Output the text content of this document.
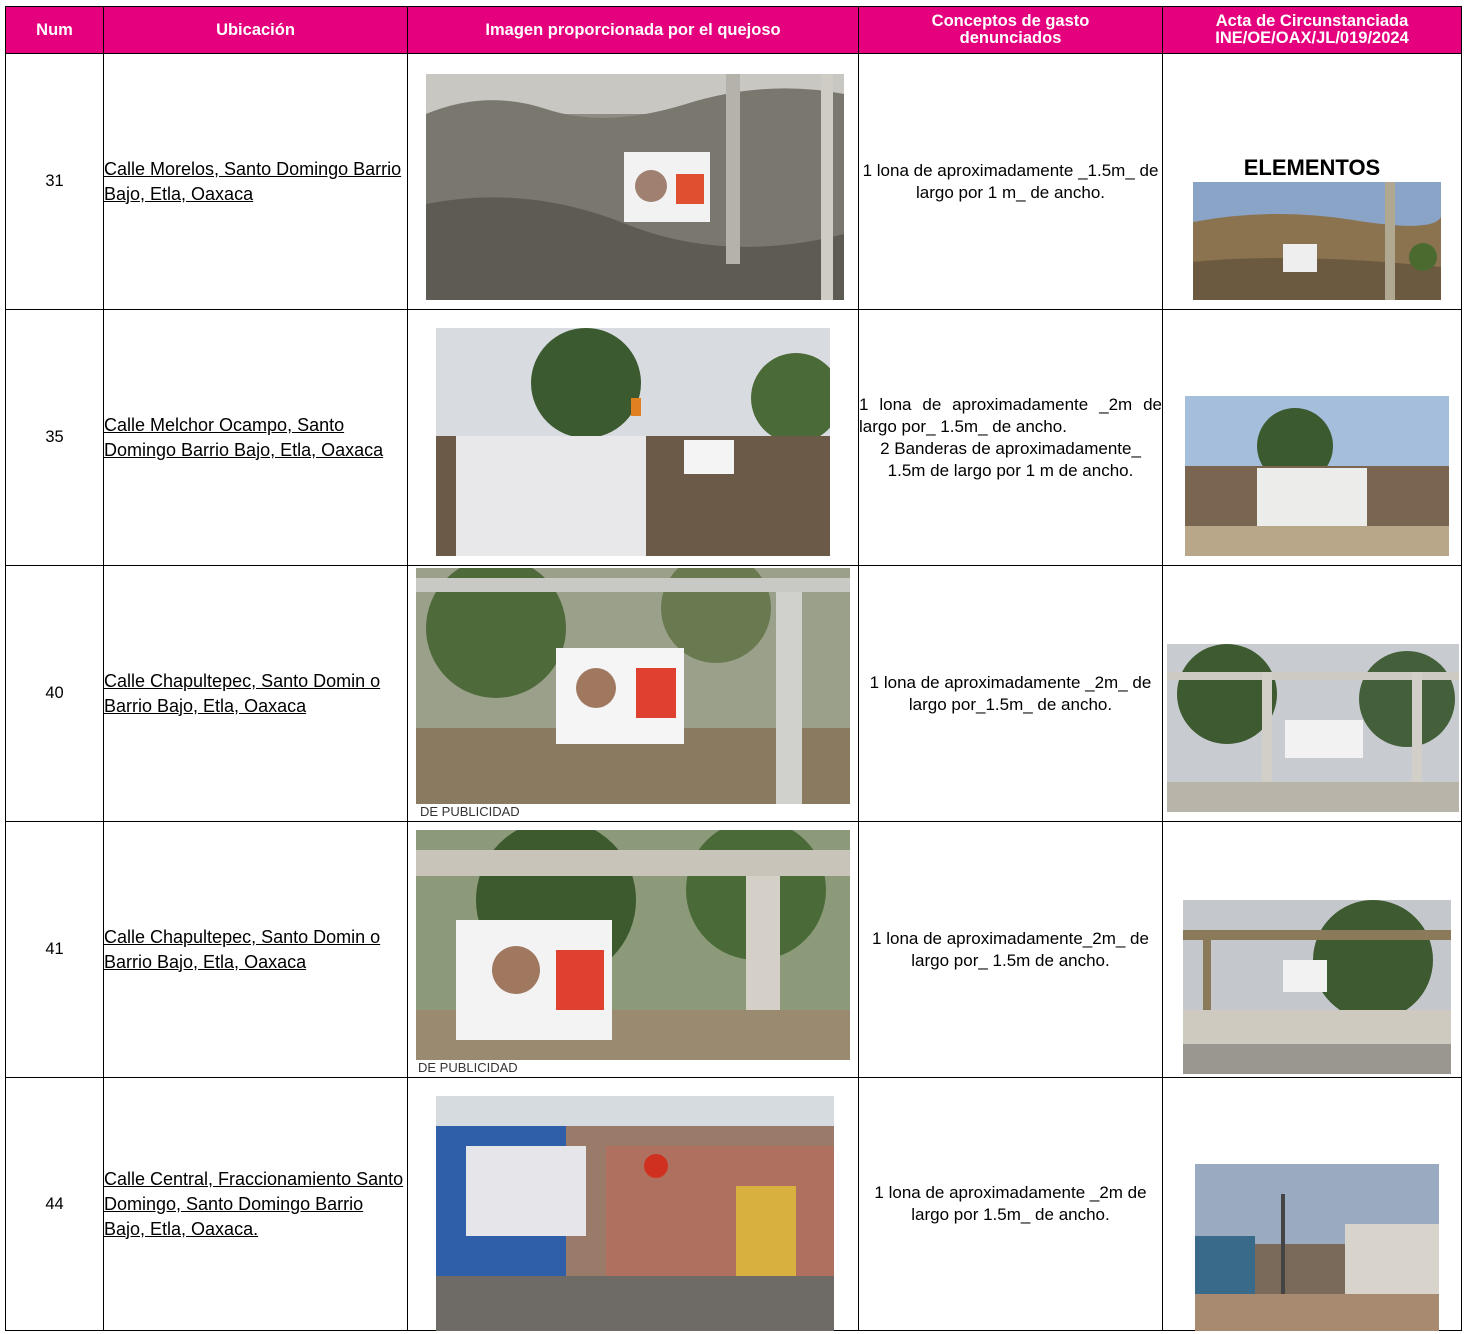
Num	Ubicación	Imagen proporcionada por el quejoso	Conceptos de gasto denunciados	Acta de Circunstanciada
INE/OE/OAX/JL/019/2024
31	Calle Morelos, Santo Domingo Barrio Bajo, Etla, Oaxaca		1 lona de aproximadamente _1.5m_ de largo por 1 m_ de ancho.	ELEMENTOS

35	Calle Melchor Ocampo, Santo Domingo Barrio Bajo, Etla, Oaxaca		1 lona de aproximadamente _2m de largo por_ 1.5m_ de ancho.
2 Banderas de aproximadamente_ 1.5m de largo por 1 m de ancho.

40	Calle Chapultepec, Santo Domin o Barrio Bajo, Etla, Oaxaca	DE PUBLICIDAD	1 lona de aproximadamente _2m_ de largo por_1.5m_ de ancho.

41	Calle Chapultepec, Santo Domin o Barrio Bajo, Etla, Oaxaca	DE PUBLICIDAD	1 lona de aproximadamente_2m_ de largo por_ 1.5m de ancho.

44	Calle Central, Fraccionamiento Santo Domingo, Santo Domingo Barrio Bajo, Etla, Oaxaca.		1 lona de aproximadamente _2m de largo por 1.5m_ de ancho.
